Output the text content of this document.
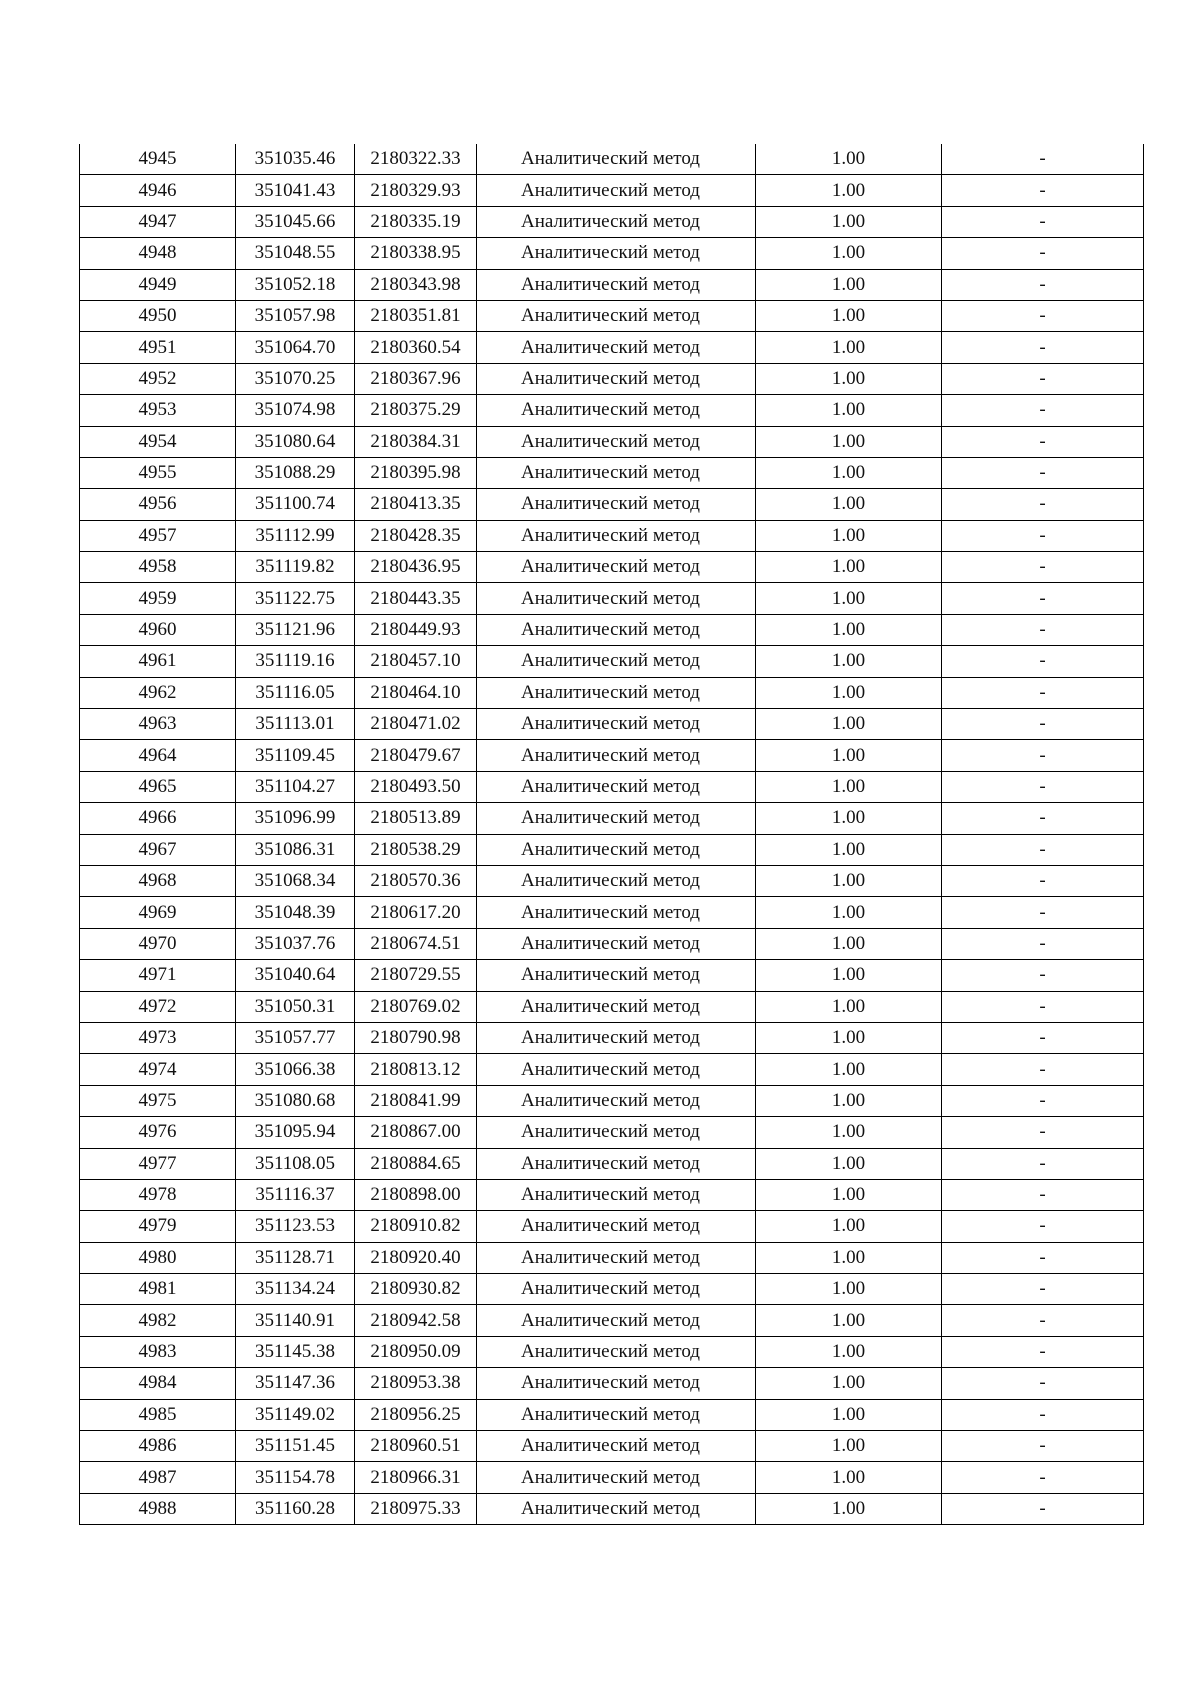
4945	351035.46	2180322.33	Аналитический метод	1.00	-
4946	351041.43	2180329.93	Аналитический метод	1.00	-
4947	351045.66	2180335.19	Аналитический метод	1.00	-
4948	351048.55	2180338.95	Аналитический метод	1.00	-
4949	351052.18	2180343.98	Аналитический метод	1.00	-
4950	351057.98	2180351.81	Аналитический метод	1.00	-
4951	351064.70	2180360.54	Аналитический метод	1.00	-
4952	351070.25	2180367.96	Аналитический метод	1.00	-
4953	351074.98	2180375.29	Аналитический метод	1.00	-
4954	351080.64	2180384.31	Аналитический метод	1.00	-
4955	351088.29	2180395.98	Аналитический метод	1.00	-
4956	351100.74	2180413.35	Аналитический метод	1.00	-
4957	351112.99	2180428.35	Аналитический метод	1.00	-
4958	351119.82	2180436.95	Аналитический метод	1.00	-
4959	351122.75	2180443.35	Аналитический метод	1.00	-
4960	351121.96	2180449.93	Аналитический метод	1.00	-
4961	351119.16	2180457.10	Аналитический метод	1.00	-
4962	351116.05	2180464.10	Аналитический метод	1.00	-
4963	351113.01	2180471.02	Аналитический метод	1.00	-
4964	351109.45	2180479.67	Аналитический метод	1.00	-
4965	351104.27	2180493.50	Аналитический метод	1.00	-
4966	351096.99	2180513.89	Аналитический метод	1.00	-
4967	351086.31	2180538.29	Аналитический метод	1.00	-
4968	351068.34	2180570.36	Аналитический метод	1.00	-
4969	351048.39	2180617.20	Аналитический метод	1.00	-
4970	351037.76	2180674.51	Аналитический метод	1.00	-
4971	351040.64	2180729.55	Аналитический метод	1.00	-
4972	351050.31	2180769.02	Аналитический метод	1.00	-
4973	351057.77	2180790.98	Аналитический метод	1.00	-
4974	351066.38	2180813.12	Аналитический метод	1.00	-
4975	351080.68	2180841.99	Аналитический метод	1.00	-
4976	351095.94	2180867.00	Аналитический метод	1.00	-
4977	351108.05	2180884.65	Аналитический метод	1.00	-
4978	351116.37	2180898.00	Аналитический метод	1.00	-
4979	351123.53	2180910.82	Аналитический метод	1.00	-
4980	351128.71	2180920.40	Аналитический метод	1.00	-
4981	351134.24	2180930.82	Аналитический метод	1.00	-
4982	351140.91	2180942.58	Аналитический метод	1.00	-
4983	351145.38	2180950.09	Аналитический метод	1.00	-
4984	351147.36	2180953.38	Аналитический метод	1.00	-
4985	351149.02	2180956.25	Аналитический метод	1.00	-
4986	351151.45	2180960.51	Аналитический метод	1.00	-
4987	351154.78	2180966.31	Аналитический метод	1.00	-
4988	351160.28	2180975.33	Аналитический метод	1.00	-
